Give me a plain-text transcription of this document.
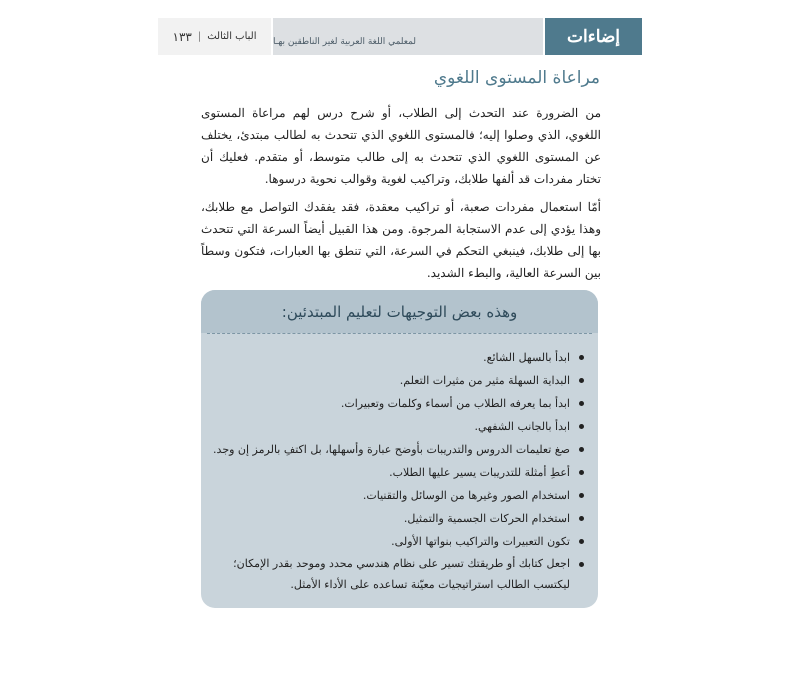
الباب الثالث
|
١٣٣	لمعلمي اللغة العربية لغير الناطقين بهـا	إضاءات
مراعاة المستوى اللغوي
من الضرورة عند التحدث إلى الطلاب، أو شرح درس لهم مراعاة المستوى اللغوي، الذي وصلوا إليه؛ فالمستوى اللغوي الذي تتحدث به لطالب مبتدئ، يختلف عن المستوى اللغوي الذي تتحدث به إلى طالب متوسط، أو متقدم. فعليك أن تختار مفردات قد ألفها طلابك، وتراكيب لغوية وقوالب نحوية درسوها.
أمّا استعمال مفردات صعبة، أو تراكيب معقدة، فقد يفقدك التواصل مع طلابك، وهذا يؤدي إلى عدم الاستجابة المرجوة. ومن هذا القبيل أيضاً السرعة التي تتحدث بها إلى طلابك، فينبغي التحكم في السرعة، التي تنطق بها العبارات، فتكون وسطاً بين السرعة العالية، والبطء الشديد.
وهذه بعض التوجيهات لتعليم المبتدئين:
ابدأ بالسهل الشائع.
البداية السهلة مثير من مثيرات التعلم.
ابدأ بما يعرفه الطلاب من أسماء وكلمات وتعبيرات.
ابدأ بالجانب الشفهي.
صغ تعليمات الدروس والتدريبات بأوضح عبارة وأسهلها، بل اكتفِ بالرمز إن وجد.
أعطِ أمثلة للتدريبات يسير عليها الطلاب.
استخدام الصور وغيرها من الوسائل والتقنيات.
استخدام الحركات الجسمية والتمثيل.
تكون التعبيرات والتراكيب بنواتها الأولى.
اجعل كتابك أو طريقتك تسير على نظام هندسي محدد وموحد بقدر الإمكان؛ ليكتسب الطالب استراتيجيات معيّنة تساعده على الأداء الأمثل.
